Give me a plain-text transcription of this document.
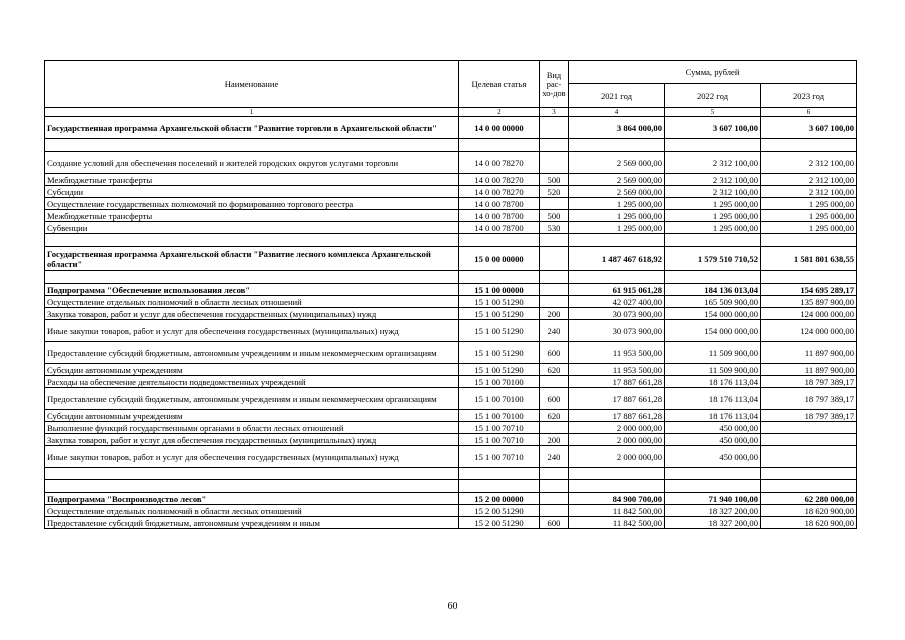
Наименование	Целевая статья	Вид рас-хо-дов	Сумма, рублей		
			2021 год	2022 год	2023 год
1	2	3	4	5	6
Государственная программа Архангельской области "Развитие торговли в Архангельской области"	14 0 00 00000		3 864 000,00	3 607 100,00	3 607 100,00

Создание условий для обеспечения поселений и жителей городских округов услугами торговли	14 0 00 78270		2 569 000,00	2 312 100,00	2 312 100,00
Межбюджетные трансферты	14 0 00 78270	500	2 569 000,00	2 312 100,00	2 312 100,00
Субсидии	14 0 00 78270	520	2 569 000,00	2 312 100,00	2 312 100,00
Осуществление государственных полномочий по формированию торгового реестра	14 0 00 78700		1 295 000,00	1 295 000,00	1 295 000,00
Межбюджетные трансферты	14 0 00 78700	500	1 295 000,00	1 295 000,00	1 295 000,00
Субвенции	14 0 00 78700	530	1 295 000,00	1 295 000,00	1 295 000,00

Государственная программа Архангельской области "Развитие лесного комплекса Архангельской области"	15 0 00 00000		1 487 467 618,92	1 579 510 710,52	1 581 801 638,55

Подпрограмма "Обеспечение использования лесов"	15 1 00 00000		61 915 061,28	184 136 013,04	154 695 289,17
Осуществление отдельных полномочий в области лесных отношений	15 1 00 51290		42 027 400,00	165 509 900,00	135 897 900,00
Закупка товаров, работ и услуг для обеспечения государственных (муниципальных) нужд	15 1 00 51290	200	30 073 900,00	154 000 000,00	124 000 000,00
Иные закупки товаров, работ и услуг для обеспечения государственных (муниципальных) нужд	15 1 00 51290	240	30 073 900,00	154 000 000,00	124 000 000,00
Предоставление субсидий бюджетным, автономным учреждениям и иным некоммерческим организациям	15 1 00 51290	600	11 953 500,00	11 509 900,00	11 897 900,00
Субсидии автономным учреждениям	15 1 00 51290	620	11 953 500,00	11 509 900,00	11 897 900,00
Расходы на обеспечение деятельности подведомственных учреждений	15 1 00 70100		17 887 661,28	18 176 113,04	18 797 389,17
Предоставление субсидий бюджетным, автономным учреждениям и иным некоммерческим организациям	15 1 00 70100	600	17 887 661,28	18 176 113,04	18 797 389,17
Субсидии автономным учреждениям	15 1 00 70100	620	17 887 661,28	18 176 113,04	18 797 389,17
Выполнение функций государственными органами в области лесных отношений	15 1 00 70710		2 000 000,00	450 000,00	
Закупка товаров, работ и услуг для обеспечения государственных (муниципальных) нужд	15 1 00 70710	200	2 000 000,00	450 000,00	
Иные закупки товаров, работ и услуг для обеспечения государственных (муниципальных) нужд	15 1 00 70710	240	2 000 000,00	450 000,00	

Подпрограмма "Воспроизводство лесов"	15 2 00 00000		84 900 700,00	71 940 100,00	62 280 000,00
Осуществление отдельных полномочий в области лесных отношений	15 2 00 51290		11 842 500,00	18 327 200,00	18 620 900,00
Предоставление субсидий бюджетным, автономным учреждениям и иным	15 2 00 51290	600	11 842 500,00	18 327 200,00	18 620 900,00
60
